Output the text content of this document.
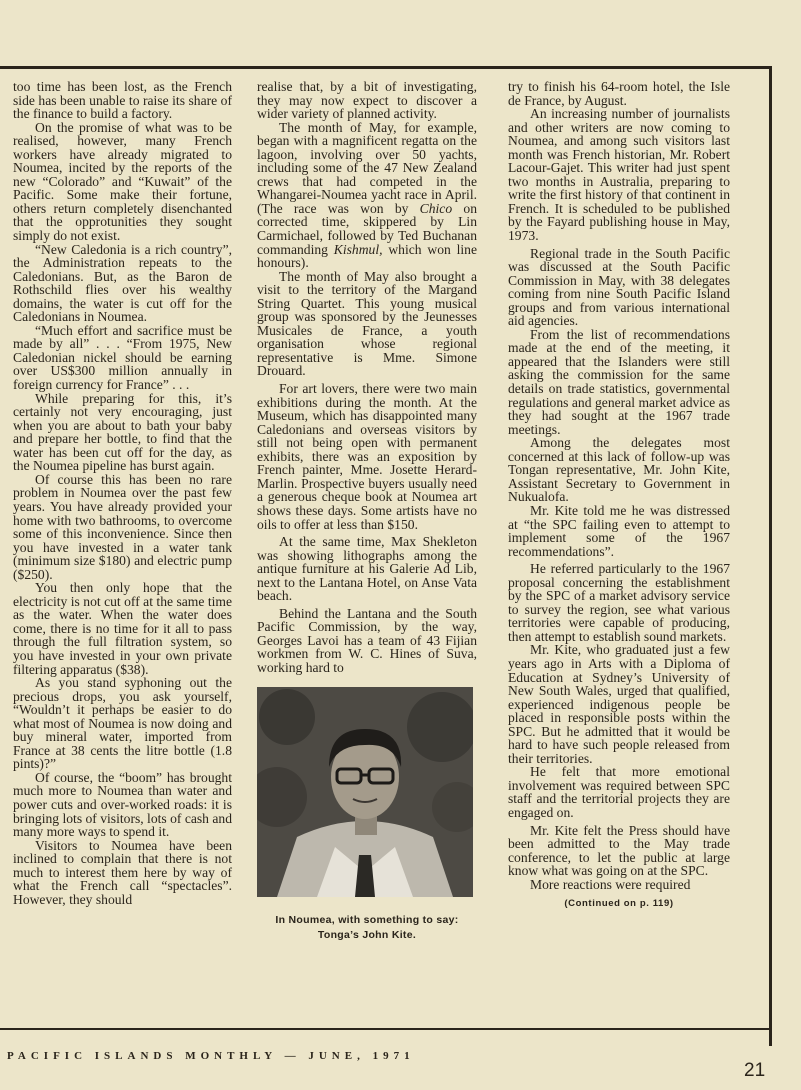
too time has been lost, as the French side has been unable to raise its share of the finance to build a factory.

On the promise of what was to be realised, however, many French workers have already migrated to Noumea, incited by the reports of the new “Colorado” and “Kuwait” of the Pacific. Some make their fortune, others return completely disenchanted that the opprotunities they sought simply do not exist.

“New Caledonia is a rich country”, the Administration repeats to the Caledonians. But, as the Baron de Rothschild flies over his wealthy domains, the water is cut off for the Caledonians in Noumea.

“Much effort and sacrifice must be made by all” . . . “From 1975, New Caledonian nickel should be earning over US$300 million annually in foreign currency for France” . . .

While preparing for this, it’s certainly not very encouraging, just when you are about to bath your baby and prepare her bottle, to find that the water has been cut off for the day, as the Noumea pipeline has burst again.

Of course this has been no rare problem in Noumea over the past few years. You have already provided your home with two bathrooms, to overcome some of this inconvenience. Since then you have invested in a water tank (minimum size $180) and electric pump ($250).

You then only hope that the electricity is not cut off at the same time as the water. When the water does come, there is no time for it all to pass through the full filtration system, so you have invested in your own private filtering apparatus ($38).

As you stand syphoning out the precious drops, you ask yourself, “Wouldn’t it perhaps be easier to do what most of Noumea is now doing and buy mineral water, imported from France at 38 cents the litre bottle (1.8 pints)?”

Of course, the “boom” has brought much more to Noumea than water and power cuts and over-worked roads: it is bringing lots of visitors, lots of cash and many more ways to spend it.

Visitors to Noumea have been inclined to complain that there is not much to interest them here by way of what the French call “spectacles”. However, they should

realise that, by a bit of investigating, they may now expect to discover a wider variety of planned activity.

The month of May, for example, began with a magnificent regatta on the lagoon, involving over 50 yachts, including some of the 47 New Zealand crews that had competed in the Whangarei-Noumea yacht race in April. (The race was won by Chico on corrected time, skippered by Lin Carmichael, followed by Ted Buchanan commanding Kishmul, which won line honours).

The month of May also brought a visit to the territory of the Margand String Quartet. This young musical group was sponsored by the Jeunesses Musicales de France, a youth organisation whose regional representative is Mme. Simone Drouard.

For art lovers, there were two main exhibitions during the month. At the Museum, which has disappointed many Caledonians and overseas visitors by still not being open with permanent exhibits, there was an exposition by French painter, Mme. Josette Herard-Marlin. Prospective buyers usually need a generous cheque book at Noumea art shows these days. Some artists have no oils to offer at less than $150.

At the same time, Max Shekleton was showing lithographs among the antique furniture at his Galerie Ad Lib, next to the Lantana Hotel, on Anse Vata beach.

Behind the Lantana and the South Pacific Commission, by the way, Georges Lavoi has a team of 43 Fijian workmen from W. C. Hines of Suva, working hard to

In Noumea, with something to say:
Tonga’s John Kite.

try to finish his 64-room hotel, the Isle de France, by August.

An increasing number of journalists and other writers are now coming to Noumea, and among such visitors last month was French historian, Mr. Robert Lacour-Gajet. This writer had just spent two months in Australia, preparing to write the first history of that continent in French. It is scheduled to be published by the Fayard publishing house in May, 1973.

Regional trade in the South Pacific was discussed at the South Pacific Commission in May, with 38 delegates coming from nine South Pacific Island groups and from various international aid agencies.

From the list of recommendations made at the end of the meeting, it appeared that the Islanders were still asking the commission for the same details on trade statistics, governmental regulations and general market advice as they had sought at the 1967 trade meetings.

Among the delegates most concerned at this lack of follow-up was Tongan representative, Mr. John Kite, Assistant Secretary to Government in Nukualofa.

Mr. Kite told me he was distressed at “the SPC failing even to attempt to implement some of the 1967 recommendations”.

He referred particularly to the 1967 proposal concerning the establishment by the SPC of a market advisory service to survey the region, see what various territories were capable of producing, then attempt to establish sound markets.

Mr. Kite, who graduated just a few years ago in Arts with a Diploma of Education at Sydney’s University of New South Wales, urged that qualified, experienced indigenous people be placed in responsible posts within the SPC. But he admitted that it would be hard to have such people released from their territories.

He felt that more emotional involvement was required between SPC staff and the territorial projects they are engaged on.

Mr. Kite felt the Press should have been admitted to the May trade conference, to let the public at large know what was going on at the SPC.

More reactions were required

(Continued on p. 119)
PACIFIC ISLANDS MONTHLY — JUNE, 1971
21
